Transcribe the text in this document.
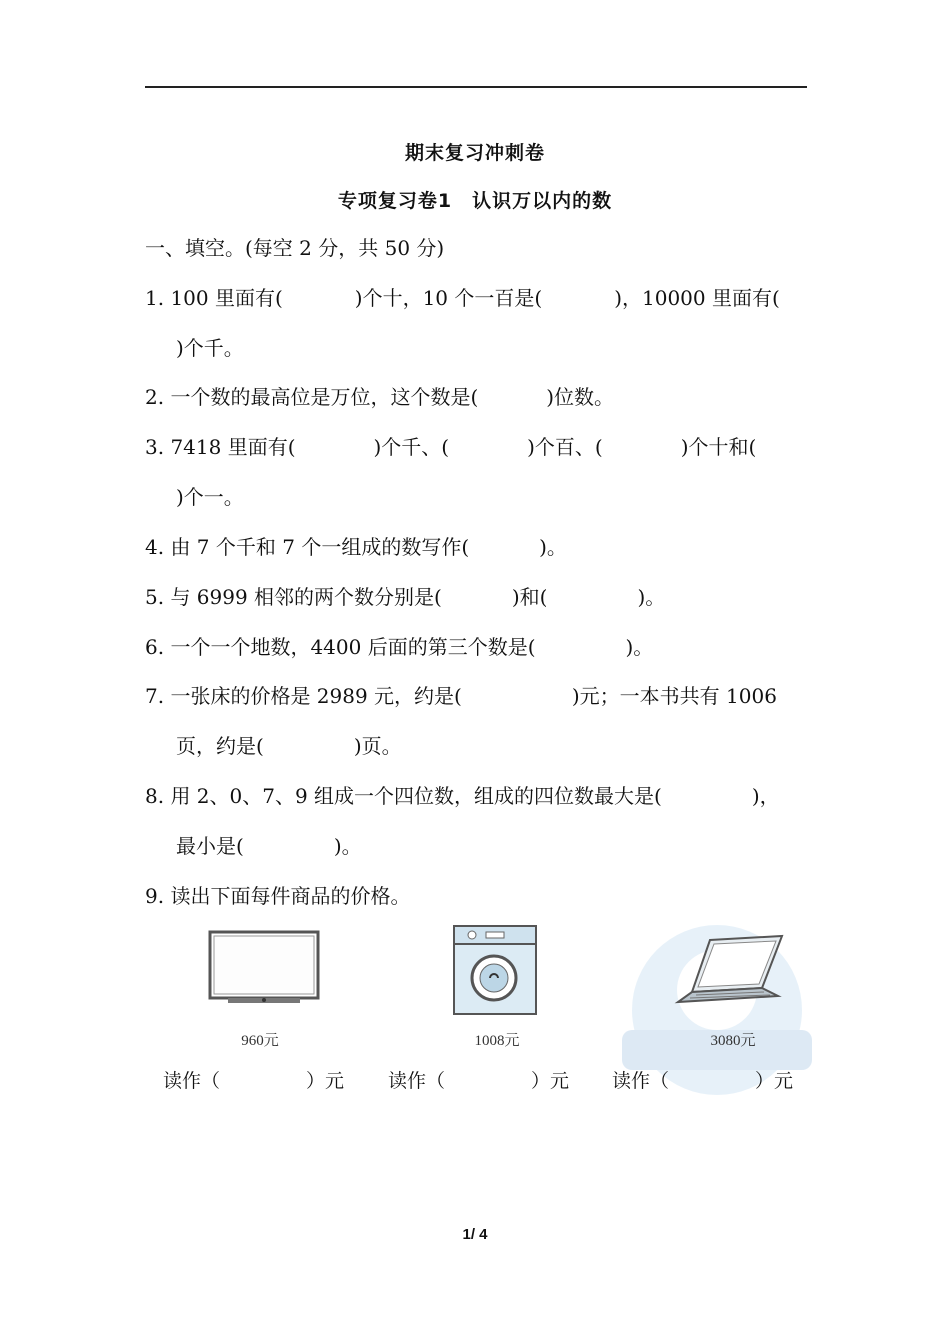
期末复习冲刺卷
专项复习卷1　认识万以内的数
一、填空。(每空 2 分，共 50 分)
1. 100 里面有(	)个十，10 个一百是(	)，10000 里面有(
)个千。
2. 一个数的最高位是万位，这个数是(	)位数。
3. 7418 里面有(	)个千、(	)个百、(	)个十和(
)个一。
4. 由 7 个千和 7 个一组成的数写作(	)。
5. 与 6999 相邻的两个数分别是(	)和(	)。
6. 一个一个地数，4400 后面的第三个数是(	)。
7. 一张床的价格是 2989 元，约是(	)元；一本书共有 1006
页，约是(	)页。
8. 用 2、0、7、9 组成一个四位数，组成的四位数最大是(	)，
最小是(	)。
9. 读出下面每件商品的价格。
960元	1008元	3080元
读作（	）元 读作（	）元 读作（	）元
1/ 4
